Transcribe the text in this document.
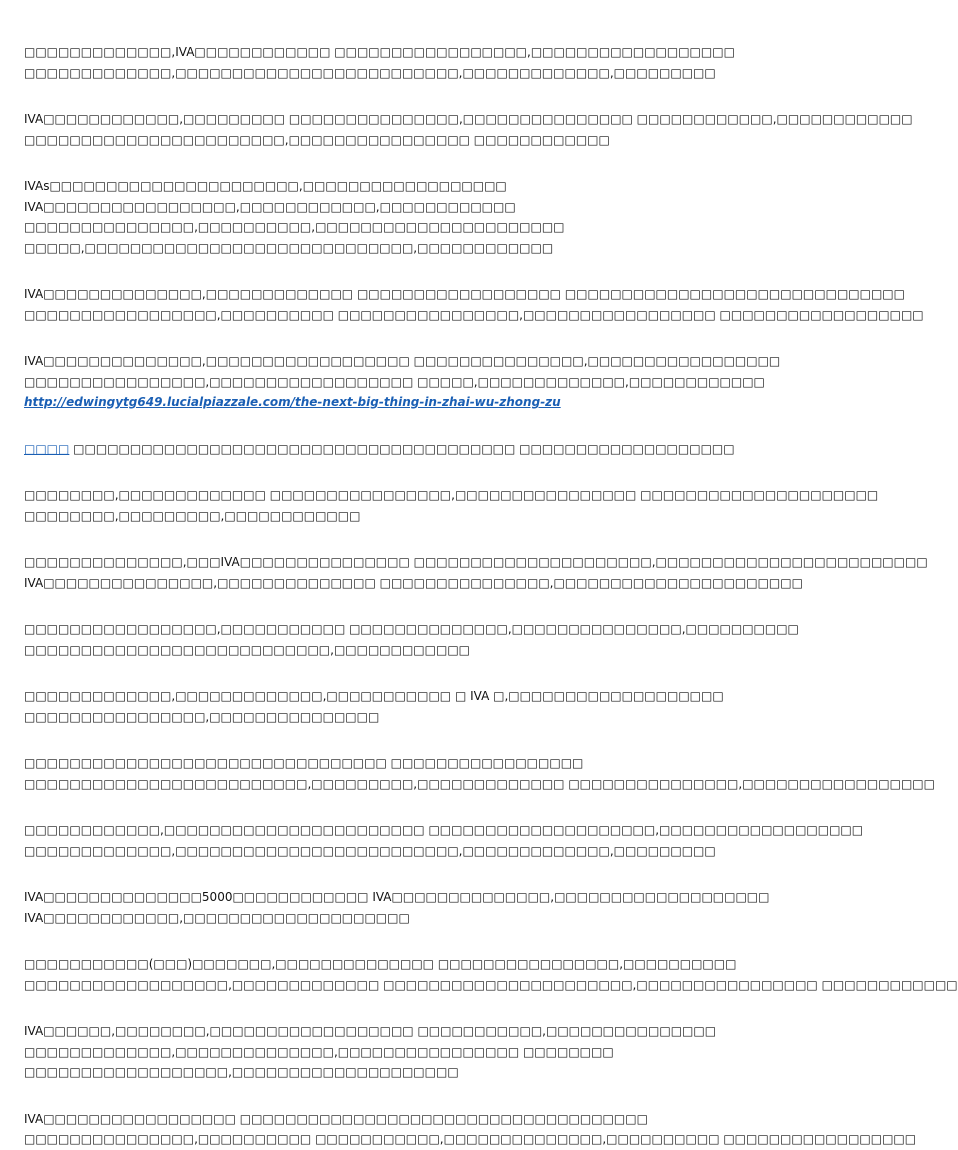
□□□□□□□□□□□□□,IVA□□□□□□□□□□□□ □□□□□□□□□□□□□□□□□,□□□□□□□□□□□□□□□□□□
□□□□□□□□□□□□□,□□□□□□□□□□□□□□□□□□□□□□□□□,□□□□□□□□□□□□□,□□□□□□□□□

IVA□□□□□□□□□□□□,□□□□□□□□□ □□□□□□□□□□□□□□□,□□□□□□□□□□□□□□□ □□□□□□□□□□□□,□□□□□□□□□□□□
□□□□□□□□□□□□□□□□□□□□□□□,□□□□□□□□□□□□□□□□ □□□□□□□□□□□□

IVAs□□□□□□□□□□□□□□□□□□□□□□,□□□□□□□□□□□□□□□□□□
IVA□□□□□□□□□□□□□□□□□,□□□□□□□□□□□□,□□□□□□□□□□□□
□□□□□□□□□□□□□□□,□□□□□□□□□□,□□□□□□□□□□□□□□□□□□□□□□
□□□□□,□□□□□□□□□□□□□□□□□□□□□□□□□□□□□,□□□□□□□□□□□□

IVA□□□□□□□□□□□□□□,□□□□□□□□□□□□□ □□□□□□□□□□□□□□□□□□ □□□□□□□□□□□□□□□□□□□□□□□□□□□□□□
□□□□□□□□□□□□□□□□□,□□□□□□□□□□ □□□□□□□□□□□□□□□□,□□□□□□□□□□□□□□□□□ □□□□□□□□□□□□□□□□□□

IVA□□□□□□□□□□□□□□,□□□□□□□□□□□□□□□□□□ □□□□□□□□□□□□□□□,□□□□□□□□□□□□□□□□□
□□□□□□□□□□□□□□□□,□□□□□□□□□□□□□□□□□□ □□□□□,□□□□□□□□□□□□□,□□□□□□□□□□□□
http://edwingytg649.lucialpiazzale.com/the-next-big-thing-in-zhai-wu-zhong-zu

□□□□ □□□□□□□□□□□□□□□□□□□□□□□□□□□□□□□□□□□□□□□ □□□□□□□□□□□□□□□□□□□

□□□□□□□□,□□□□□□□□□□□□□ □□□□□□□□□□□□□□□□,□□□□□□□□□□□□□□□□ □□□□□□□□□□□□□□□□□□□□□
□□□□□□□□,□□□□□□□□□,□□□□□□□□□□□□

□□□□□□□□□□□□□□,□□□IVA□□□□□□□□□□□□□□□ □□□□□□□□□□□□□□□□□□□□□,□□□□□□□□□□□□□□□□□□□□□□□□
IVA□□□□□□□□□□□□□□□,□□□□□□□□□□□□□□ □□□□□□□□□□□□□□□,□□□□□□□□□□□□□□□□□□□□□□

□□□□□□□□□□□□□□□□□,□□□□□□□□□□□ □□□□□□□□□□□□□□,□□□□□□□□□□□□□□□,□□□□□□□□□□
□□□□□□□□□□□□□□□□□□□□□□□□□□□,□□□□□□□□□□□□

□□□□□□□□□□□□□,□□□□□□□□□□□□□,□□□□□□□□□□□ □ IVA □,□□□□□□□□□□□□□□□□□□□
□□□□□□□□□□□□□□□□,□□□□□□□□□□□□□□□

□□□□□□□□□□□□□□□□□□□□□□□□□□□□□□□□ □□□□□□□□□□□□□□□□□
□□□□□□□□□□□□□□□□□□□□□□□□□,□□□□□□□□□,□□□□□□□□□□□□□ □□□□□□□□□□□□□□□,□□□□□□□□□□□□□□□□□

□□□□□□□□□□□□,□□□□□□□□□□□□□□□□□□□□□□□ □□□□□□□□□□□□□□□□□□□□,□□□□□□□□□□□□□□□□□□
□□□□□□□□□□□□□,□□□□□□□□□□□□□□□□□□□□□□□□□,□□□□□□□□□□□□□,□□□□□□□□□

IVA□□□□□□□□□□□□□□5000□□□□□□□□□□□□ IVA□□□□□□□□□□□□□□,□□□□□□□□□□□□□□□□□□□
IVA□□□□□□□□□□□□,□□□□□□□□□□□□□□□□□□□□

□□□□□□□□□□□(□□□)□□□□□□□,□□□□□□□□□□□□□□ □□□□□□□□□□□□□□□□,□□□□□□□□□□
□□□□□□□□□□□□□□□□□□,□□□□□□□□□□□□□ □□□□□□□□□□□□□□□□□□□□□□,□□□□□□□□□□□□□□□□ □□□□□□□□□□□□

IVA□□□□□□,□□□□□□□□,□□□□□□□□□□□□□□□□□□ □□□□□□□□□□□,□□□□□□□□□□□□□□□
□□□□□□□□□□□□□,□□□□□□□□□□□□□□,□□□□□□□□□□□□□□□□ □□□□□□□□
□□□□□□□□□□□□□□□□□□,□□□□□□□□□□□□□□□□□□□□

IVA□□□□□□□□□□□□□□□□□ □□□□□□□□□□□□□□□□□□□□□□□□□□□□□□□□□□□□
□□□□□□□□□□□□□□□,□□□□□□□□□□ □□□□□□□□□□□,□□□□□□□□□□□□□□,□□□□□□□□□□ □□□□□□□□□□□□□□□□□
